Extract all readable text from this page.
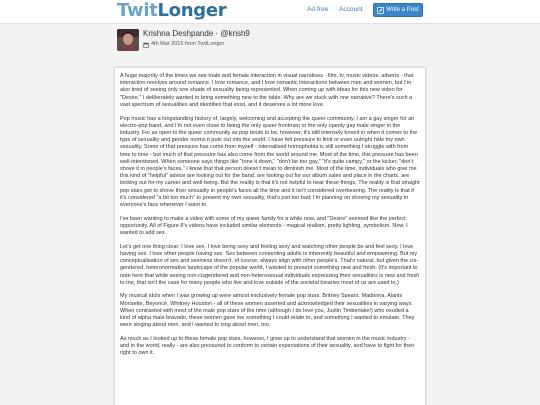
TwitLonger	Ad-free Account	Write a Post
Krishna Deshpande · @krish9
4th Mar 2016 from TwitLonger

A huge majority of the times we see male and female interaction in visual narratives - film, tv, music videos, adverts - that interaction revolves around romance. I love romance, and I love romantic interactions between men and women, but I'm also tired of seeing only one shade of sexuality being represented. When coming up with ideas for this new video for "Desire," I deliberately wanted to bring something new to the table. Why are we stuck with one narrative? There's such a vast spectrum of sexualities and identities that exist, and it deserves a lot more love.

Pop music has a longstanding history of, largely, welcoming and accepting the queer community. I am a gay singer for an electro-pop band, and I'm not even close to being the only queer frontman or the only openly gay male singer in the industry. For as open to the queer community as pop tends to be, however, it's still intensely boxed in when it comes to the type of sexuality and gender norms it puts out into the world. I have felt pressure to limit or even outright hide my own sexuality. Some of that pressure has come from myself - internalised homophobia is still something I struggle with from time to time - but much of that pressure has also come from the world around me. Most of the time, this pressure has been well-intentioned. When someone says things like "tone it down," "don't be too gay," "it's quite campy," or the kicker, "don't shove it in people's faces," I know that that person doesn't mean to diminish me. Most of the time, individuals who give me this kind of "helpful" advice are looking out for the band, are looking out for our album sales and place in the charts, are looking out for my career and well-being. But the reality is that it's not helpful to hear these things. The reality is that straight pop stars get to shove their sexuality in people's faces all the time and it isn't considered overbearing. The reality is that if it's considered "a bit too much" to present my own sexuality, that's just too bad; I'm planning on shoving my sexuality in everyone's face whenever I want to.

I've been wanting to make a video with some of my queer family for a while now, and "Desire" seemed like the perfect opportunity. All of Figure 8's videos have included similar elements - magical realism, pretty lighting, symbolism. Now, I wanted to add sex.

Let's get one thing clear: I love sex. I love being sexy and feeling sexy and watching other people be and feel sexy. I love having sex. I love other people having sex. Sex between consenting adults is inherently beautiful and empowering. But my conceptualisation of sex and sexiness doesn't, of course, always align with other people's. That's natural, but given the cis-gendered, heteronormative landscape of the popular world, I wanted to present something new and fresh. (It's important to note here that while seeing non-cisgendered and non-heterosexual individuals expressing their sexualities is new and fresh to me, that isn't the case for many people who live and love outside of the societal binaries most of us are used to.)

My musical idols when I was growing up were almost exclusively female pop stars. Britney Spears, Madonna, Alanis Morisette, Beyoncé, Whitney Houston - all of these women asserted and acknowledged their sexualities in varying ways. When contrasted with most of the male pop stars of the time (although I do love you, Justin Timberlake!) who exuded a kind of alpha male bravado, these women gave me something I could relate to, and something I wanted to emulate. They were singing about men, and I wanted to sing about men, too.

As much as I looked up to these female pop stars, however, I grew up to understand that women in the music industry - and in the world, really - are also pressured to conform to certain expectations of their sexuality, and have to fight for their right to own it.
